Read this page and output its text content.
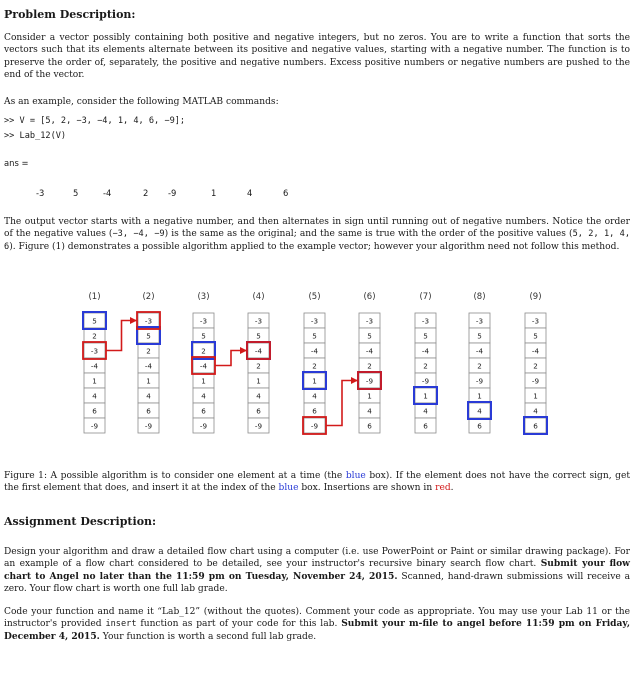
Problem Description:
Consider a vector possibly containing both positive and negative integers, but no zeros. You are to write a function that sorts the vectors such that its elements alternate between its positive and negative values, starting with a negative number. The function is to preserve the order of, separately, the positive and negative numbers. Excess positive numbers or negative numbers are pushed to the end of the vector.
As an example, consider the following MATLAB commands:
>> V = [5, 2, −3, −4, 1, 4, 6, −9];
>> Lab_12(V)
ans =
-3	5	-4	2 -9	1	4	6
The output vector starts with a negative number, and then alternates in sign until running out of negative numbers. Notice the order of the negative values (−3, −4, −9) is the same as the original; and the same is true with the order of the positive values (5, 2, 1, 4, 6). Figure (1) demonstrates a possible algorithm applied to the example vector; however your algorithm need not follow this method.
(1)
5
2
-3
-4
1
4
6
-9
(2)
-3
5
2
-4
1
4
6
-9
(3)
-3
5
2
-4
1
4
6
-9
(4)
-3
5
-4
2
1
4
6
-9
(5)
-3
5
-4
2
1
4
6
-9
(6)
-3
5
-4
2
-9
1
4
6
(7)
-3
5
-4
2
-9
1
4
6
(8)
-3
5
-4
2
-9
1
4
6
(9)
-3
5
-4
2
-9
1
4
6
Figure 1: A possible algorithm is to consider one element at a time (the blue box). If the element does not have the correct sign, get the first element that does, and insert it at the index of the blue box. Insertions are shown in red.
Assignment Description:
Design your algorithm and draw a detailed flow chart using a computer (i.e. use PowerPoint or Paint or similar drawing package). For an example of a flow chart considered to be detailed, see your instructor's recursive binary search flow chart. Submit your flow chart to Angel no later than the 11:59 pm on Tuesday, November 24, 2015. Scanned, hand-drawn submissions will receive a zero. Your flow chart is worth one full lab grade.
Code your function and name it “Lab_12” (without the quotes). Comment your code as appropriate. You may use your Lab 11 or the instructor's provided insert function as part of your code for this lab. Submit your m-file to angel before 11:59 pm on Friday, December 4, 2015. Your function is worth a second full lab grade.
